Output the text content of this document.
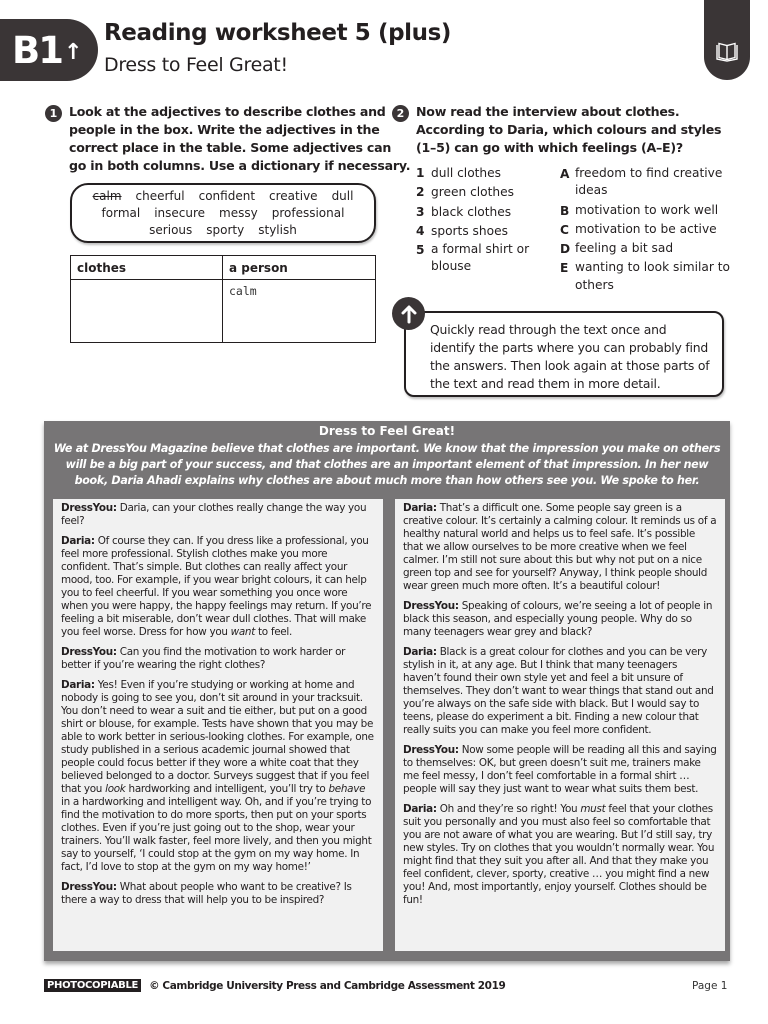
B1 ↑
Reading worksheet 5 (plus)
Dress to Feel Great!
1 Look at the adjectives to describe clothes and
people in the box. Write the adjectives in the
correct place in the table. Some adjectives can
go in both columns. Use a dictionary if necessary.
calm cheerful confident creative dull
formal insecure messy professional
serious sporty stylish
clothes	a person
	calm
2 Now read the interview about clothes.
According to Daria, which colours and styles
(1–5) can go with which feelings (A–E)?
1 dull clothes
2 green clothes
3 black clothes
4 sports shoes
5 a formal shirt or blouse
A freedom to find creative ideas
B motivation to work well
C motivation to be active
D feeling a bit sad
E wanting to look similar to others
Quickly read through the text once and identify the parts where you can probably find the answers. Then look again at those parts of the text and read them in more detail.
Dress to Feel Great!
We at DressYou Magazine believe that clothes are important. We know that the impression you make on others will be a big part of your success, and that clothes are an important element of that impression. In her new book, Daria Ahadi explains why clothes are about much more than how others see you. We spoke to her.

DressYou: Daria, can your clothes really change the way you feel?

Daria: Of course they can. If you dress like a professional, you feel more professional. Stylish clothes make you more confident. That’s simple. But clothes can really affect your mood, too. For example, if you wear bright colours, it can help you to feel cheerful. If you wear something you once wore when you were happy, the happy feelings may return. If you’re feeling a bit miserable, don’t wear dull clothes. That will make you feel worse. Dress for how you want to feel.

DressYou: Can you find the motivation to work harder or better if you’re wearing the right clothes?

Daria: Yes! Even if you’re studying or working at home and nobody is going to see you, don’t sit around in your tracksuit. You don’t need to wear a suit and tie either, but put on a good shirt or blouse, for example. Tests have shown that you may be able to work better in serious-looking clothes. For example, one study published in a serious academic journal showed that people could focus better if they wore a white coat that they believed belonged to a doctor. Surveys suggest that if you feel that you look hardworking and intelligent, you’ll try to behave in a hardworking and intelligent way. Oh, and if you’re trying to find the motivation to do more sports, then put on your sports clothes. Even if you’re just going out to the shop, wear your trainers. You’ll walk faster, feel more lively, and then you might say to yourself, ‘I could stop at the gym on my way home. In fact, I’d love to stop at the gym on my way home!’

DressYou: What about people who want to be creative? Is there a way to dress that will help you to be inspired?

Daria: That’s a difficult one. Some people say green is a creative colour. It’s certainly a calming colour. It reminds us of a healthy natural world and helps us to feel safe. It’s possible that we allow ourselves to be more creative when we feel calmer. I’m still not sure about this but why not put on a nice green top and see for yourself? Anyway, I think people should wear green much more often. It’s a beautiful colour!

DressYou: Speaking of colours, we’re seeing a lot of people in black this season, and especially young people. Why do so many teenagers wear grey and black?

Daria: Black is a great colour for clothes and you can be very stylish in it, at any age. But I think that many teenagers haven’t found their own style yet and feel a bit unsure of themselves. They don’t want to wear things that stand out and you’re always on the safe side with black. But I would say to teens, please do experiment a bit. Finding a new colour that really suits you can make you feel more confident.

DressYou: Now some people will be reading all this and saying to themselves: OK, but green doesn’t suit me, trainers make me feel messy, I don’t feel comfortable in a formal shirt … people will say they just want to wear what suits them best.

Daria: Oh and they’re so right! You must feel that your clothes suit you personally and you must also feel so comfortable that you are not aware of what you are wearing. But I’d still say, try new styles. Try on clothes that you wouldn’t normally wear. You might find that they suit you after all. And that they make you feel confident, clever, sporty, creative … you might find a new you! And, most importantly, enjoy yourself. Clothes should be fun!

PHOTOCOPIABLE © Cambridge University Press and Cambridge Assessment 2019	Page 1
